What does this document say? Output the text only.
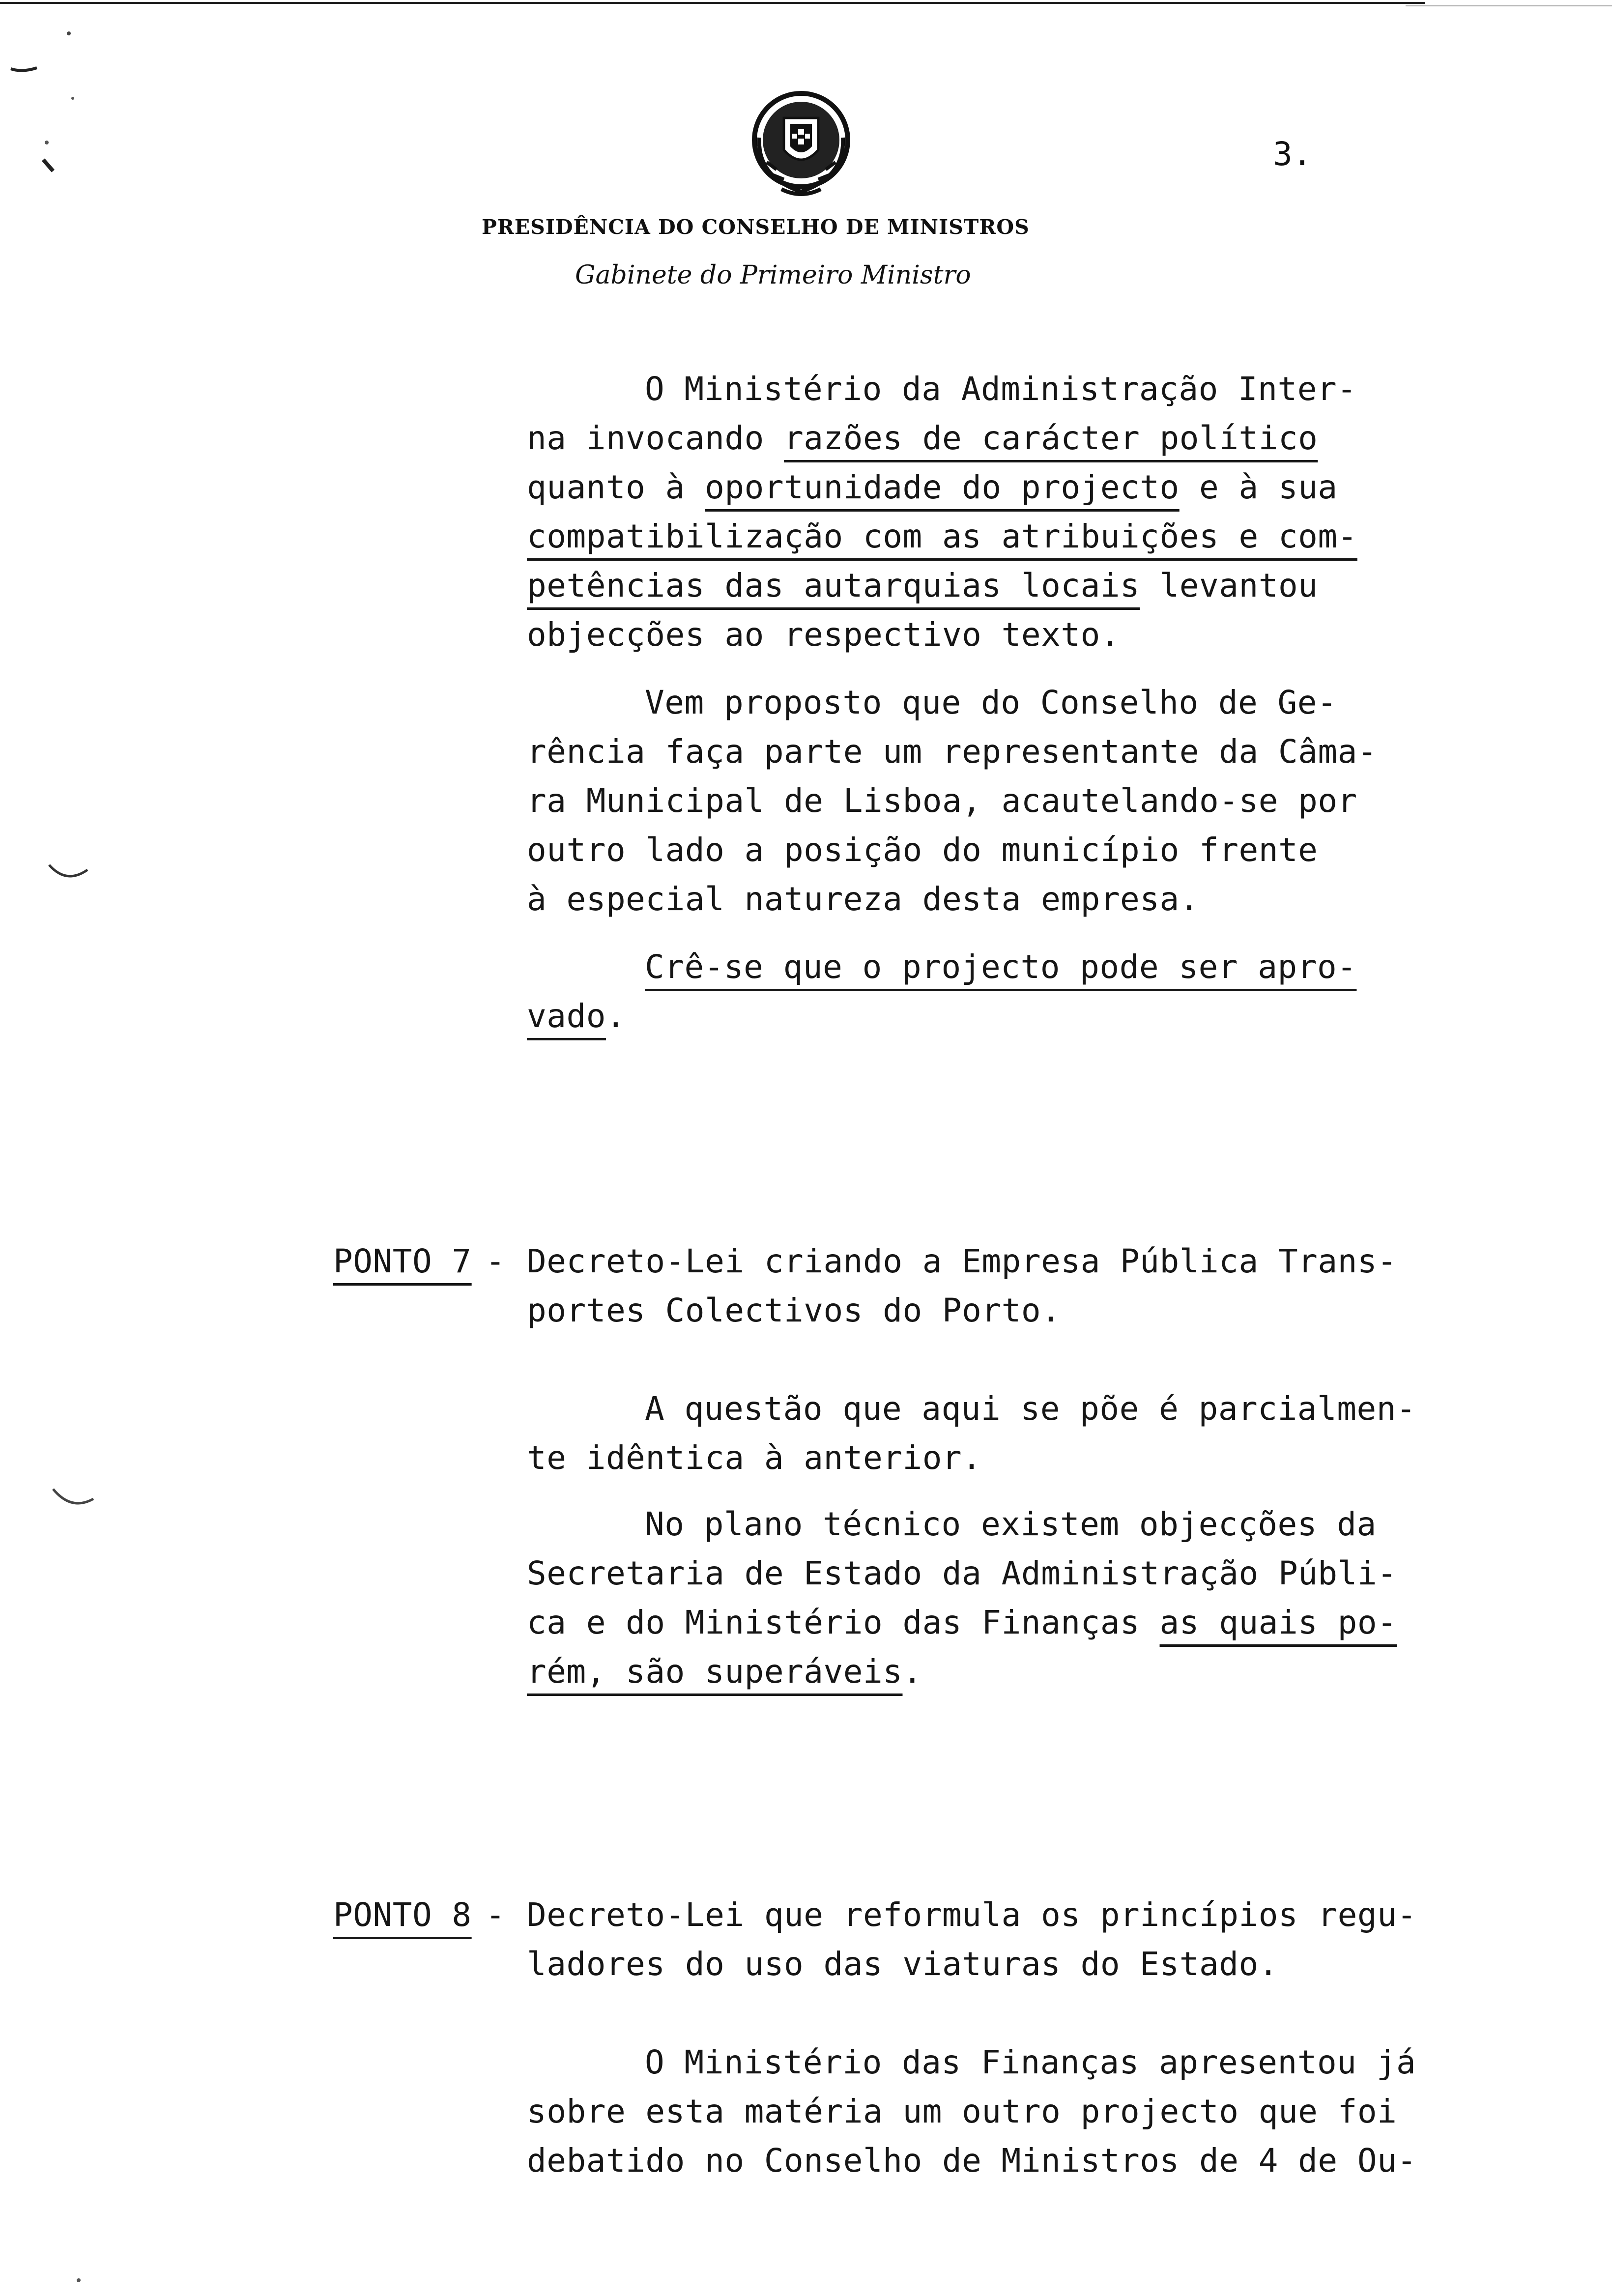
3.
PRESIDÊNCIA DO CONSELHO DE MINISTROS
Gabinete do Primeiro Ministro
O Ministério da Administração Inter-
na invocando razões de carácter político
quanto à oportunidade do projecto e à sua
compatibilização com as atribuições e com-
petências das autarquias locais levantou
objecções ao respectivo texto.
Vem proposto que do Conselho de Ge-
rência faça parte um representante da Câma-
ra Municipal de Lisboa, acautelando-se por
outro lado a posição do município frente
à especial natureza desta empresa.
Crê-se que o projecto pode ser apro-
vado.
PONTO 7 - Decreto-Lei criando a Empresa Pública Trans-
portes Colectivos do Porto.
A questão que aqui se põe é parcialmen-
te idêntica à anterior.
No plano técnico existem objecções da
Secretaria de Estado da Administração Públi-
ca e do Ministério das Finanças as quais po-
rém, são superáveis.
PONTO 8 - Decreto-Lei que reformula os princípios regu-
ladores do uso das viaturas do Estado.
O Ministério das Finanças apresentou já
sobre esta matéria um outro projecto que foi
debatido no Conselho de Ministros de 4 de Ou-
